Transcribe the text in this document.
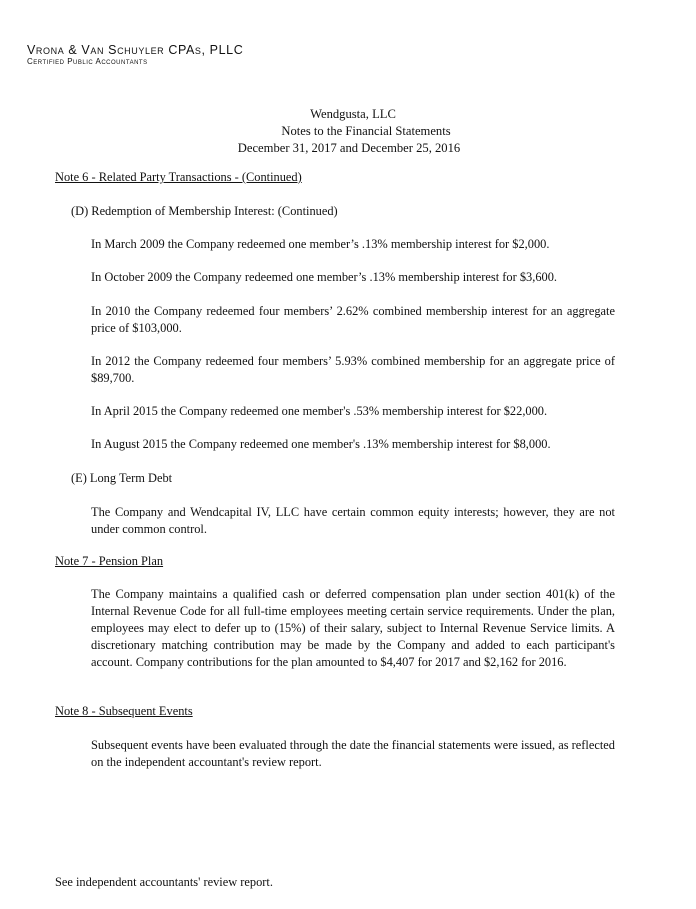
Vrona & Van Schuyler CPAs, PLLC
Certified Public Accountants
Wendgusta, LLC
Notes to the Financial Statements
December 31, 2017 and December 25, 2016
Note 6 - Related Party Transactions - (Continued)
(D) Redemption of Membership Interest: (Continued)
In March 2009 the Company redeemed one member’s .13% membership interest for $2,000.
In October 2009 the Company redeemed one member’s .13% membership interest for $3,600.
In 2010 the Company redeemed four members’ 2.62% combined membership interest for an aggregate price of $103,000.
In 2012 the Company redeemed four members’ 5.93% combined membership for an aggregate price of $89,700.
In April 2015 the Company redeemed one member's .53% membership interest for $22,000.
In August 2015 the Company redeemed one member's .13% membership interest for $8,000.
(E) Long Term Debt
The Company and Wendcapital IV, LLC have certain common equity interests; however, they are not under common control.
Note 7 - Pension Plan
The Company maintains a qualified cash or deferred compensation plan under section 401(k) of the Internal Revenue Code for all full-time employees meeting certain service requirements. Under the plan, employees may elect to defer up to (15%) of their salary, subject to Internal Revenue Service limits. A discretionary matching contribution may be made by the Company and added to each participant's account. Company contributions for the plan amounted to $4,407 for 2017 and $2,162 for 2016.
Note 8 - Subsequent Events
Subsequent events have been evaluated through the date the financial statements were issued, as reflected on the independent accountant's review report.
See independent accountants' review report.
